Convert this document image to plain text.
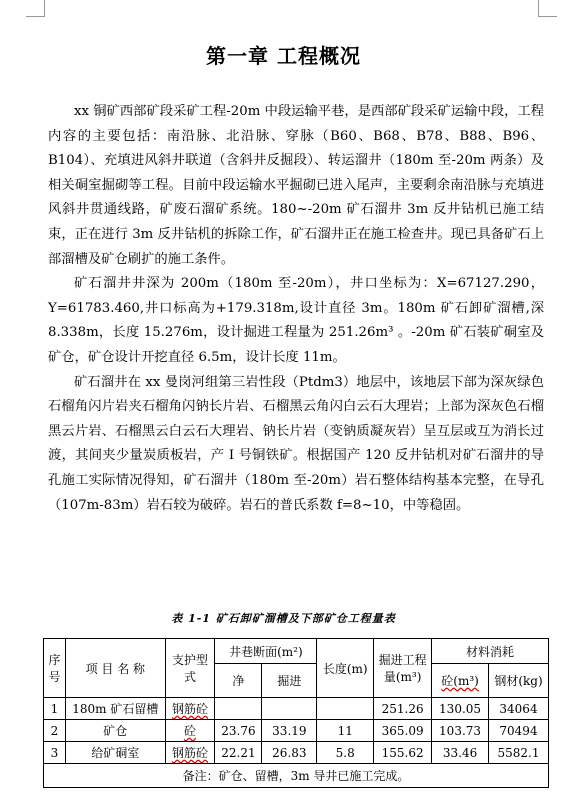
第一章 工程概况

xx 铜矿西部矿段采矿工程-20m 中段运输平巷，是西部矿段采矿运输中段，工程内容的主要包括：南沿脉、北沿脉、穿脉（B60、B68、B78、B88、B96、B104）、充填进风斜井联道（含斜井反掘段）、转运溜井（180m 至-20m 两条）及相关硐室掘砌等工程。目前中段运输水平掘砌已进入尾声，主要剩余南沿脉与充填进风斜井贯通线路，矿废石溜矿系统。180~-20m 矿石溜井 3m 反井钻机已施工结束，正在进行 3m 反井钻机的拆除工作，矿石溜井正在施工检查井。现已具备矿石上部溜槽及矿仓刷扩的施工条件。

矿石溜井井深为 200m（180m 至-20m），井口坐标为：X=67127.290，Y=61783.460,井口标高为+179.318m,设计直径 3m。180m 矿石卸矿溜槽,深 8.338m，长度 15.276m，设计掘进工程量为 251.26m³ 。-20m 矿石装矿硐室及矿仓，矿仓设计开挖直径 6.5m，设计长度 11m。

矿石溜井在 xx 曼岗河组第三岩性段（Ptdm3）地层中，该地层下部为深灰绿色石榴角闪片岩夹石榴角闪钠长片岩、石榴黑云角闪白云石大理岩；上部为深灰色石榴黑云片岩、石榴黑云白云石大理岩、钠长片岩（变钠质凝灰岩）呈互层或互为消长过渡，其间夹少量炭质板岩，产 I 号铜铁矿。根据国产 120 反井钻机对矿石溜井的导孔施工实际情况得知，矿石溜井（180m 至-20m）岩石整体结构基本完整，在导孔（107m-83m）岩石较为破碎。岩石的普氏系数 f=8~10，中等稳固。

表 1-1 矿石卸矿溜槽及下部矿仓工程量表
序号	项 目 名 称	支护型式	井巷断面(m²)		长度(m)	掘进工程量(m³)	材料消耗	
			净	掘进			砼(m³)	钢材(kg)
1	180m 矿石留槽	钢筋砼				251.26	130.05	34064
2	矿仓	砼	23.76	33.19	11	365.09	103.73	70494
3	给矿硐室	钢筋砼	22.21	26.83	5.8	155.62	33.46	5582.1
备注：矿仓、留槽，3m 导井已施工完成。								
